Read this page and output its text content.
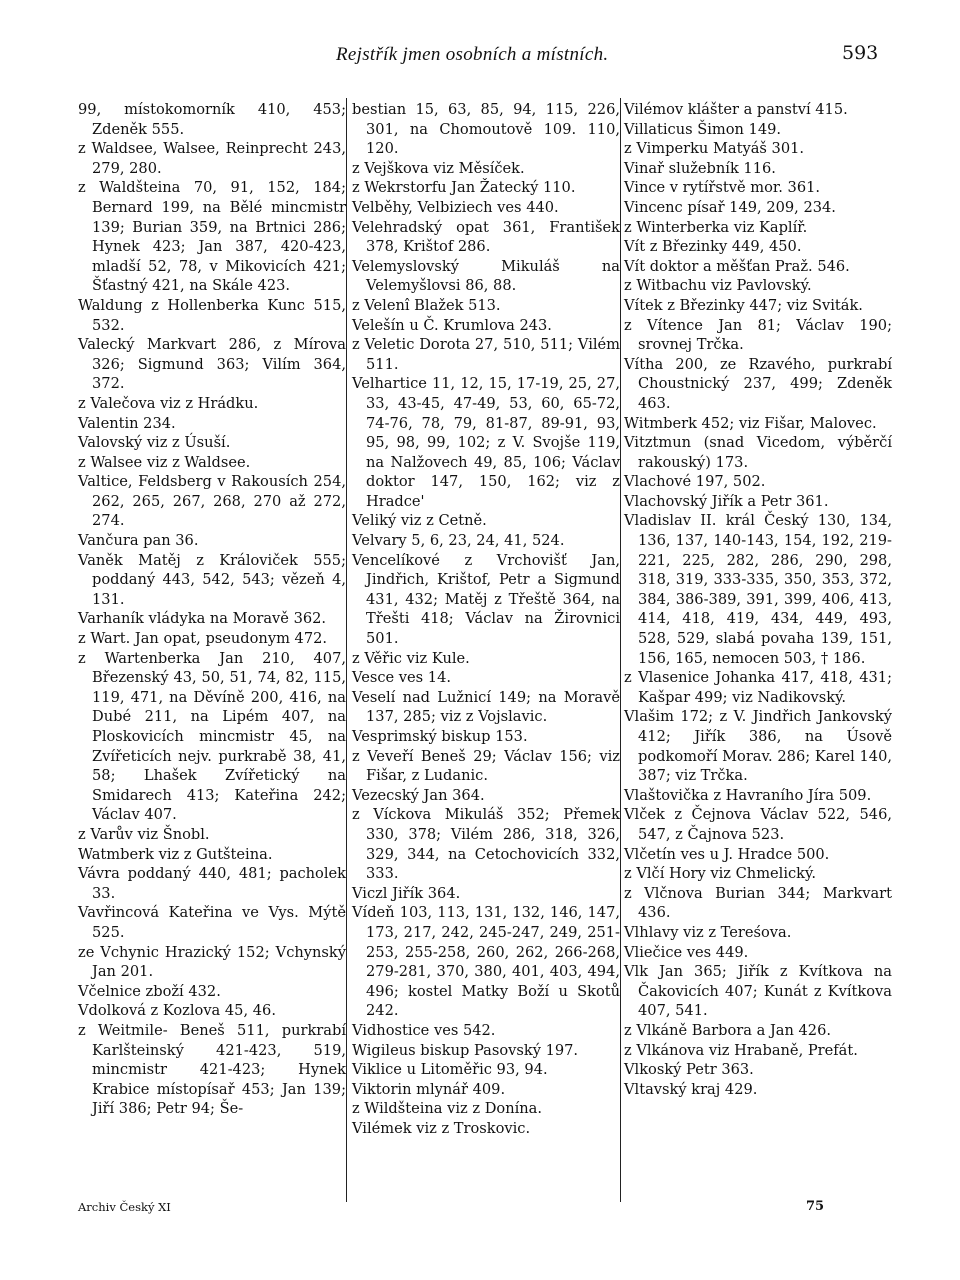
Rejstřík jmen osobních a místních.	593

99, místokomorník 410, 453; Zdeněk 555.

z Waldsee, Walsee, Reinprecht 243, 279, 280.

z Waldšteina 70, 91, 152, 184; Bernard 199, na Bělé mincmistr 139; Burian 359, na Brtnici 286; Hynek 423; Jan 387, 420-423, mladší 52, 78, v Mikovicích 421; Šťastný 421, na Skále 423.

Waldung z Hollenberka Kunc 515, 532.

Valecký Markvart 286, z Mírova 326; Sigmund 363; Vilím 364, 372.

z Valečova viz z Hrádku.

Valentin 234.

Valovský viz z Úsuší.

z Walsee viz z Waldsee.

Valtice, Feldsberg v Rakousích 254, 262, 265, 267, 268, 270 až 272, 274.

Vančura pan 36.

Vaněk Matěj z Královiček 555; poddaný 443, 542, 543; vězeň 4, 131.

Varhaník vládyka na Moravě 362.

z Wart. Jan opat, pseudonym 472.

z Wartenberka Jan 210, 407, Březenský 43, 50, 51, 74, 82, 115, 119, 471, na Děvíně 200, 416, na Dubé 211, na Lipém 407, na Ploskovicích mincmistr 45, na Zvířeticích nejv. purkrabě 38, 41, 58; Lhašek Zvířetický na Smidarech 413; Kateřina 242; Václav 407.

z Varův viz Šnobl.

Watmberk viz z Gutšteina.

Vávra poddaný 440, 481; pacholek 33.

Vavřincová Kateřina ve Vys. Mýtě 525.

ze Vchynic Hrazický 152; Vchynský Jan 201.

Včelnice zboží 432.

Vdolková z Kozlova 45, 46.

z Weitmile- Beneš 511, purkrabí Karlšteinský 421-423, 519, mincmistr 421-423; Hynek Krabice místopísař 453; Jan 139; Jiří 386; Petr 94; Še-

bestian 15, 63, 85, 94, 115, 226, 301, na Chomoutově 109. 110, 120.

z Vejškova viz Měsíček.

z Wekrstorfu Jan Žatecký 110.

Velběhy, Velbiziech ves 440.

Velehradský opat 361, František 378, Krištof 286.

Velemyslovský Mikuláš na Velemyšlovsi 86, 88.

z Velenî Blažek 513.

Velešín u Č. Krumlova 243.

z Veletic Dorota 27, 510, 511; Vilém 511.

Velhartice 11, 12, 15, 17-19, 25, 27, 33, 43-45, 47-49, 53, 60, 65-72, 74-76, 78, 79, 81-87, 89-91, 93, 95, 98, 99, 102; z V. Svojše 119, na Nalžovech 49, 85, 106; Václav doktor 147, 150, 162; viz z Hradce'

Veliký viz z Cetně.

Velvary 5, 6, 23, 24, 41, 524.

Vencelíkové z Vrchovišť Jan, Jindřich, Krištof, Petr a Sigmund 431, 432; Matěj z Třeště 364, na Třešti 418; Václav na Žirovnici 501.

z Věřic viz Kule.

Vesce ves 14.

Veselí nad Lužnicí 149; na Moravě 137, 285; viz z Vojslavic.

Vesprimský biskup 153.

z Veveří Beneš 29; Václav 156; viz Fišar, z Ludanic.

Vezecský Jan 364.

z Víckova Mikuláš 352; Přemek 330, 378; Vilém 286, 318, 326, 329, 344, na Cetochovicích 332, 333.

Viczl Jiřík 364.

Vídeň 103, 113, 131, 132, 146, 147, 173, 217, 242, 245-247, 249, 251-253, 255-258, 260, 262, 266-268, 279-281, 370, 380, 401, 403, 494, 496; kostel Matky Boží u Skotů 242.

Vidhostice ves 542.

Wigileus biskup Pasovský 197.

Viklice u Litoměřic 93, 94.

Viktorin mlynář 409.

z Wildšteina viz z Donína.

Vilémek viz z Troskovic.

Vilémov klášter a panství 415.

Villaticus Šimon 149.

z Vimperku Matyáš 301.

Vinař služebník 116.

Vince v rytířstvě mor. 361.

Vincenc písař 149, 209, 234.

z Winterberka viz Kaplíř.

Vít z Březinky 449, 450.

Vít doktor a měšťan Praž. 546.

z Witbachu viz Pavlovský.

Vítek z Březinky 447; viz Sviták.

z Vítence Jan 81; Václav 190; srovnej Trčka.

Vítha 200, ze Rzavého, purkrabí Choustnický 237, 499; Zdeněk 463.

Witmberk 452; viz Fišar, Malovec.

Vitztmun (snad Vicedom, výběrčí rakouský) 173.

Vlachové 197, 502.

Vlachovský Jiřík a Petr 361.

Vladislav II. král Český 130, 134, 136, 137, 140-143, 154, 192, 219-221, 225, 282, 286, 290, 298, 318, 319, 333-335, 350, 353, 372, 384, 386-389, 391, 399, 406, 413, 414, 418, 419, 434, 449, 493, 528, 529, slabá povaha 139, 151, 156, 165, nemocen 503, † 186.

z Vlasenice Johanka 417, 418, 431; Kašpar 499; viz Nadikovský.

Vlašim 172; z V. Jindřich Jankovský 412; Jiřík 386, na Úsově podkomoří Morav. 286; Karel 140, 387; viz Trčka.

Vlaštovička z Havraního Jíra 509.

Vlček z Čejnova Václav 522, 546, 547, z Čajnova 523.

Vlčetín ves u J. Hradce 500.

z Vlčí Hory viz Chmelický.

z Vlčnova Burian 344; Markvart 436.

Vlhlavy viz z Tereśova.

Vliečice ves 449.

Vlk Jan 365; Jiřík z Kvítkova na Čakovicích 407; Kunát z Kvítkova 407, 541.

z Vlkáně Barbora a Jan 426.

z Vlkánova viz Hrabaně, Prefát.

Vlkoský Petr 363.

Vltavský kraj 429.

Archiv Český XI	75
